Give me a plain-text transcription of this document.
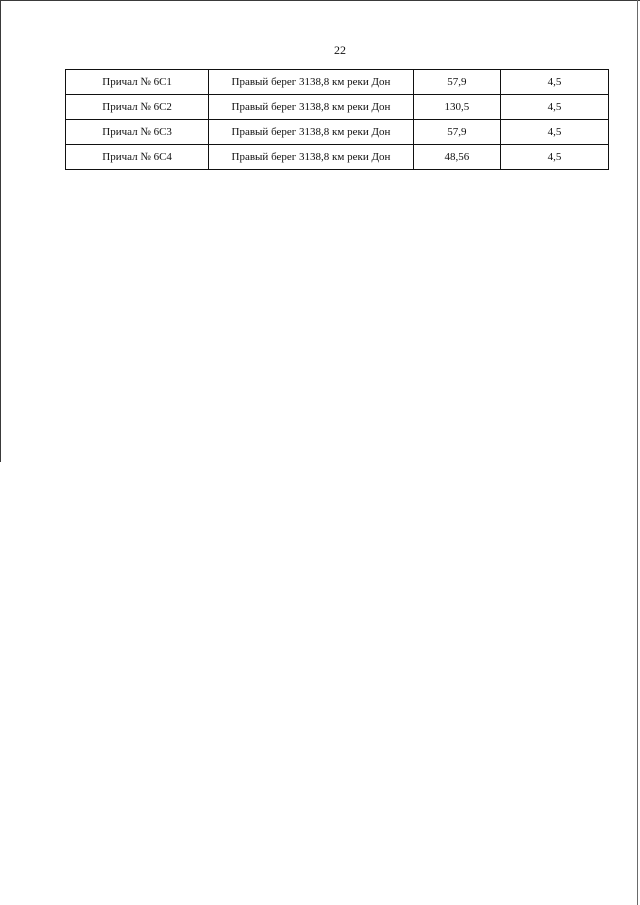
22
Причал № 6С1	Правый берег 3138,8 км реки Дон	57,9	4,5
Причал № 6С2	Правый берег 3138,8 км реки Дон	130,5	4,5
Причал № 6С3	Правый берег 3138,8 км реки Дон	57,9	4,5
Причал № 6С4	Правый берег 3138,8 км реки Дон	48,56	4,5
